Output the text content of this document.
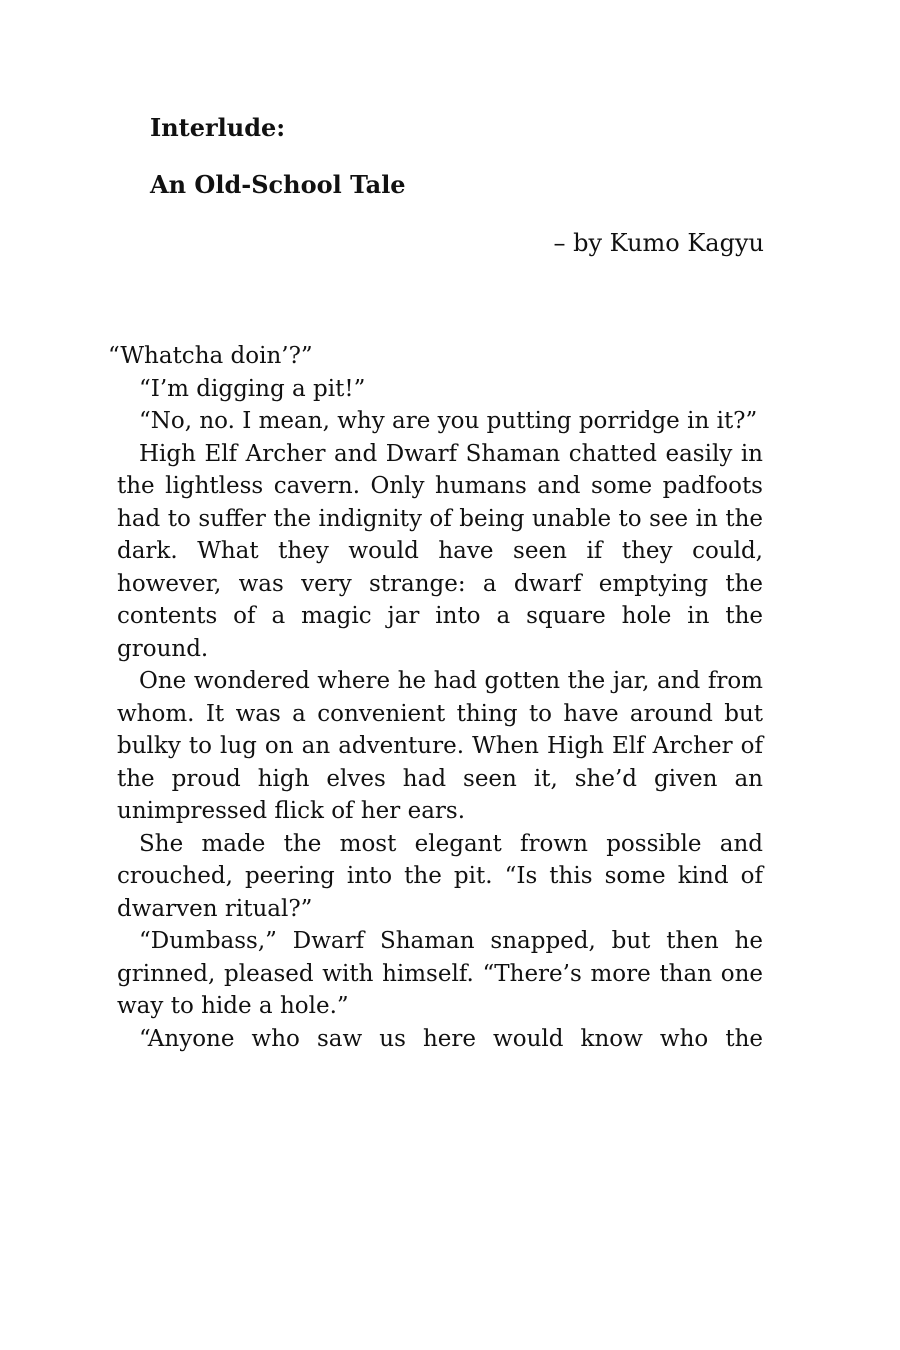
Interlude:
An Old-School Tale

– by Kumo Kagyu

“Whatcha doin’?”

“I’m digging a pit!”

“No, no. I mean, why are you putting porridge in it?”

High Elf Archer and Dwarf Shaman chatted easily in the lightless cavern. Only humans and some padfoots had to suffer the indignity of being unable to see in the dark. What they would have seen if they could, however, was very strange: a dwarf emptying the contents of a magic jar into a square hole in the ground.

One wondered where he had gotten the jar, and from whom. It was a convenient thing to have around but bulky to lug on an adventure. When High Elf Archer of the proud high elves had seen it, she’d given an unimpressed flick of her ears.

She made the most elegant frown possible and crouched, peering into the pit. “Is this some kind of dwarven ritual?”

“Dumbass,” Dwarf Shaman snapped, but then he grinned, pleased with himself. “There’s more than one way to hide a hole.”

“Anyone who saw us here would know who the
